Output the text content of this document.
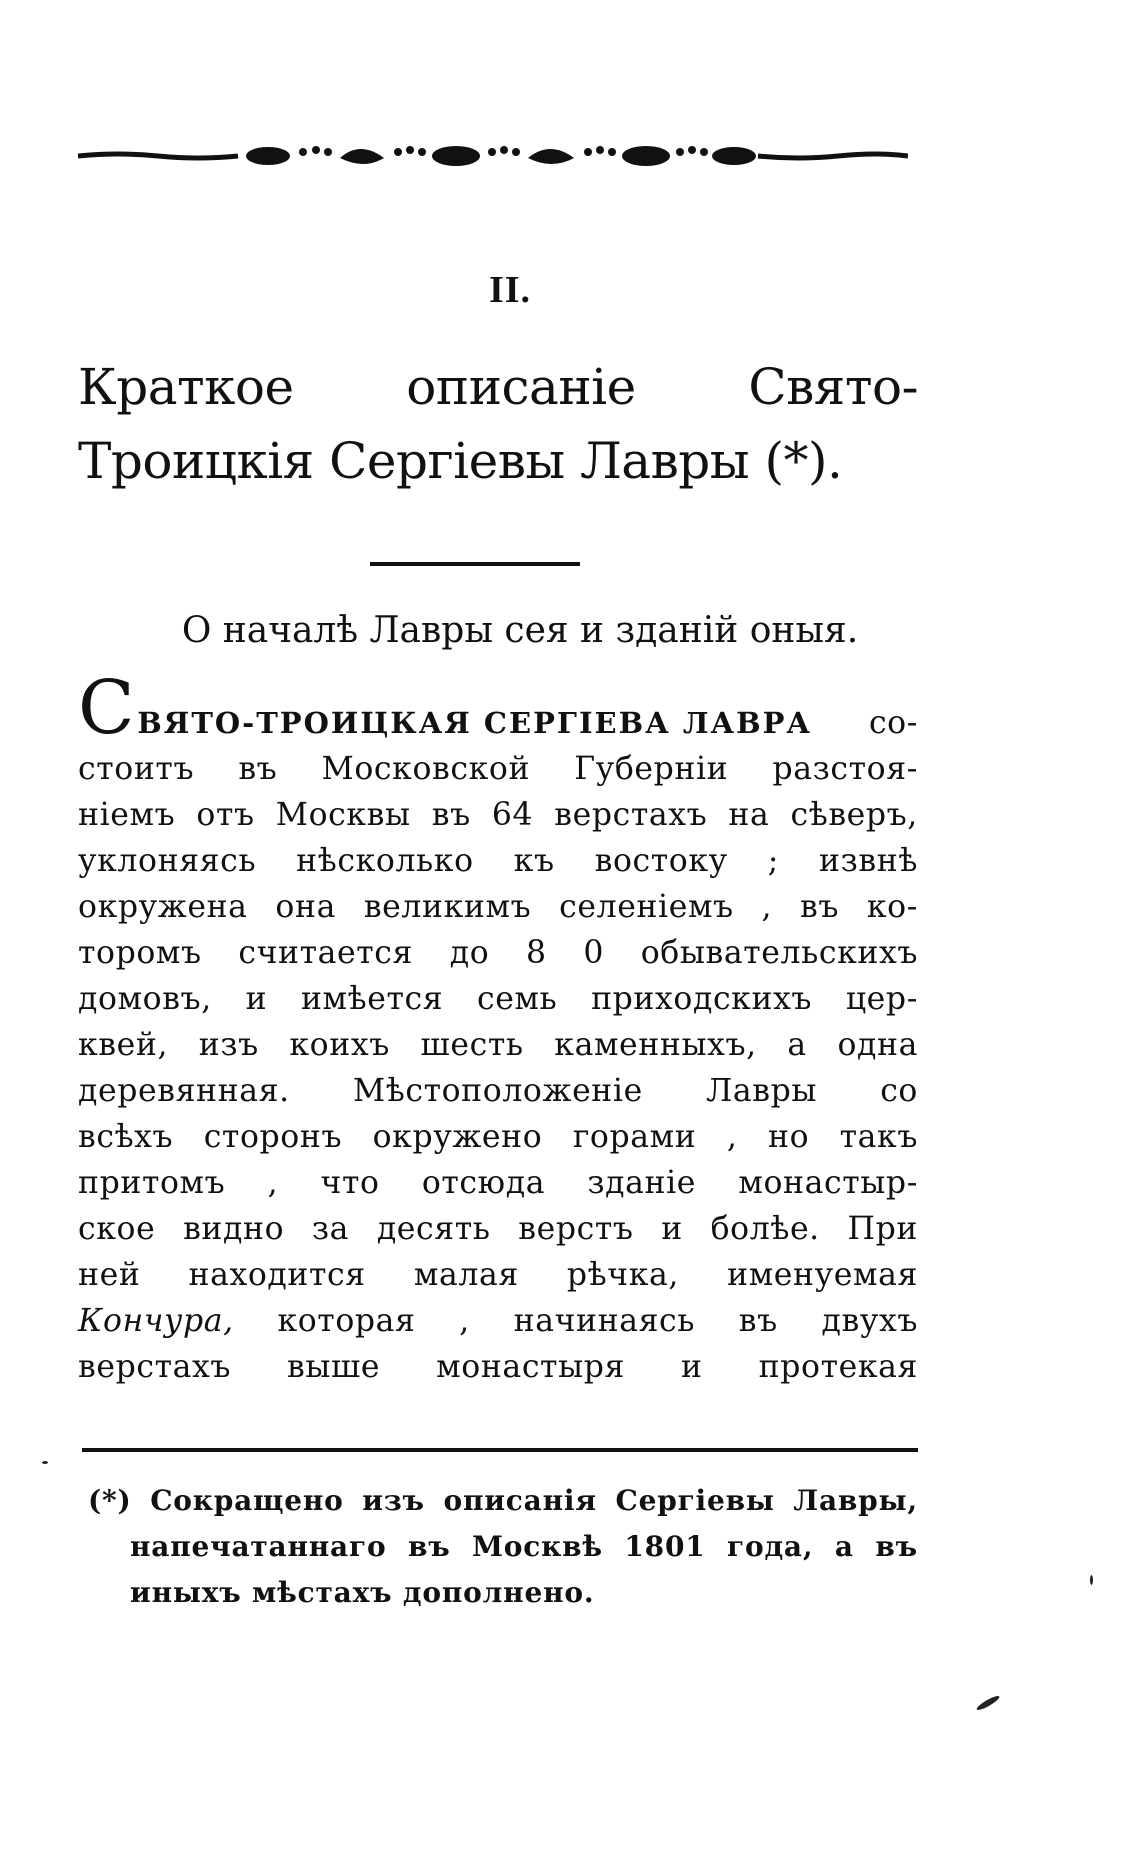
II.
Краткое описаніе Свято-
Троицкія Сергіевы Лавры (*).
О началѣ Лавры сея и зданій оныя.
СВЯТО-ТРОИЦКАЯ СЕРГІЕВА ЛАВРА со-
стоитъ въ Московской Губерніи разстоя-
ніемъ отъ Москвы въ 64 верстахъ на сѣверъ,
уклоняясь нѣсколько къ востоку ; извнѣ
окружена она великимъ селеніемъ , въ ко-
торомъ считается до 8 0 обывательскихъ
домовъ, и имѣется семь приходскихъ цер-
квей, изъ коихъ шесть каменныхъ, а одна
деревянная. Мѣстоположеніе Лавры со
всѣхъ сторонъ окружено горами , но такъ
притомъ , что отсюда зданіе монастыр-
ское видно за десять верстъ и болѣе. При
ней находится малая рѣчка, именуемая
Кончура, которая , начинаясь въ двухъ
верстахъ выше монастыря и протекая
(*) Сокращено изъ описанія Сергіевы Лавры,
напечатаннаго въ Москвѣ 1801 года, а въ
иныхъ мѣстахъ дополнено.
